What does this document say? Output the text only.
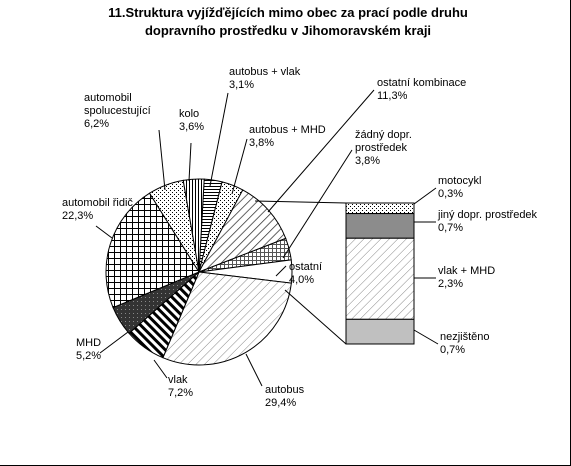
11.Struktura vyjížďějících mimo obec za prací podle druhu
dopravního prostředku v Jihomoravském kraji
motocykl 0,3%
jiný dopr. prostředek 0,7%
vlak + MHD 2,3%
nezjištěno 0,7%
autobus + vlak 3,1%
autobus + MHD 3,8%
ostatní kombinace 11,3%
žádný dopr. prostředek 3,8%
ostatní 4,0%
autobus 29,4%
vlak 7,2%
MHD 5,2%
automobil řidič 22,3%
automobil spolucestující 6,2%
kolo 3,6%
